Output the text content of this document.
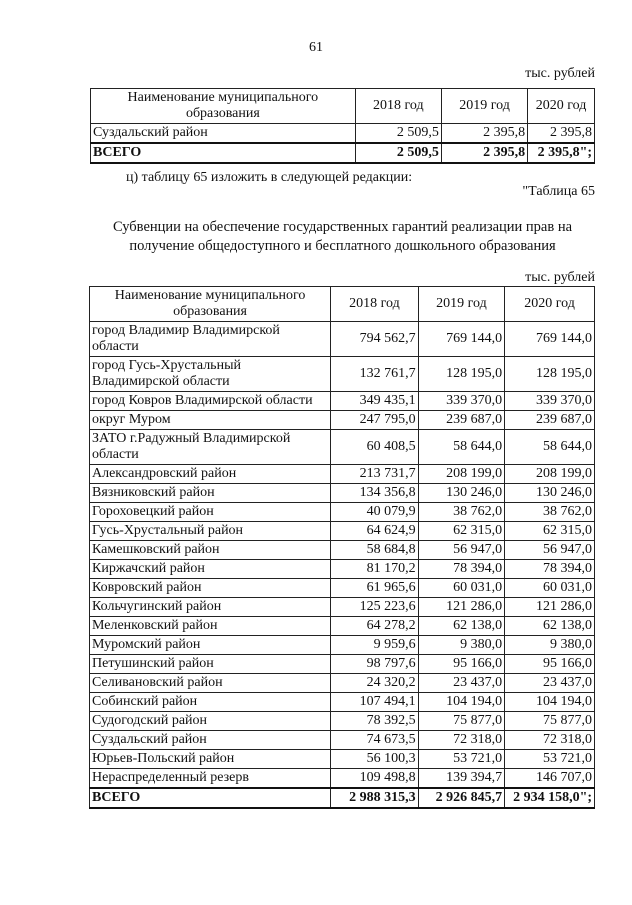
61
тыс. рублей
Наименование муниципального образования	2018 год	2019 год	2020 год
Суздальский район	2 509,5	2 395,8	2 395,8
ВСЕГО	2 509,5	2 395,8	2 395,8";
ц) таблицу 65 изложить в следующей редакции:
"Таблица 65
Субвенции на обеспечение государственных гарантий реализации прав на получение общедоступного и бесплатного дошкольного образования
тыс. рублей
Наименование муниципального образования	2018 год	2019 год	2020 год
город Владимир Владимирской области	794 562,7	769 144,0	769 144,0
город Гусь-Хрустальный Владимирской области	132 761,7	128 195,0	128 195,0
город Ковров Владимирской области	349 435,1	339 370,0	339 370,0
округ Муром	247 795,0	239 687,0	239 687,0
ЗАТО г.Радужный Владимирской области	60 408,5	58 644,0	58 644,0
Александровский район	213 731,7	208 199,0	208 199,0
Вязниковский район	134 356,8	130 246,0	130 246,0
Гороховецкий район	40 079,9	38 762,0	38 762,0
Гусь-Хрустальный район	64 624,9	62 315,0	62 315,0
Камешковский район	58 684,8	56 947,0	56 947,0
Киржачский район	81 170,2	78 394,0	78 394,0
Ковровский район	61 965,6	60 031,0	60 031,0
Кольчугинский район	125 223,6	121 286,0	121 286,0
Меленковский район	64 278,2	62 138,0	62 138,0
Муромский район	9 959,6	9 380,0	9 380,0
Петушинский район	98 797,6	95 166,0	95 166,0
Селивановский район	24 320,2	23 437,0	23 437,0
Собинский район	107 494,1	104 194,0	104 194,0
Судогодский район	78 392,5	75 877,0	75 877,0
Суздальский район	74 673,5	72 318,0	72 318,0
Юрьев-Польский район	56 100,3	53 721,0	53 721,0
Нераспределенный резерв	109 498,8	139 394,7	146 707,0
ВСЕГО	2 988 315,3	2 926 845,7	2 934 158,0";
